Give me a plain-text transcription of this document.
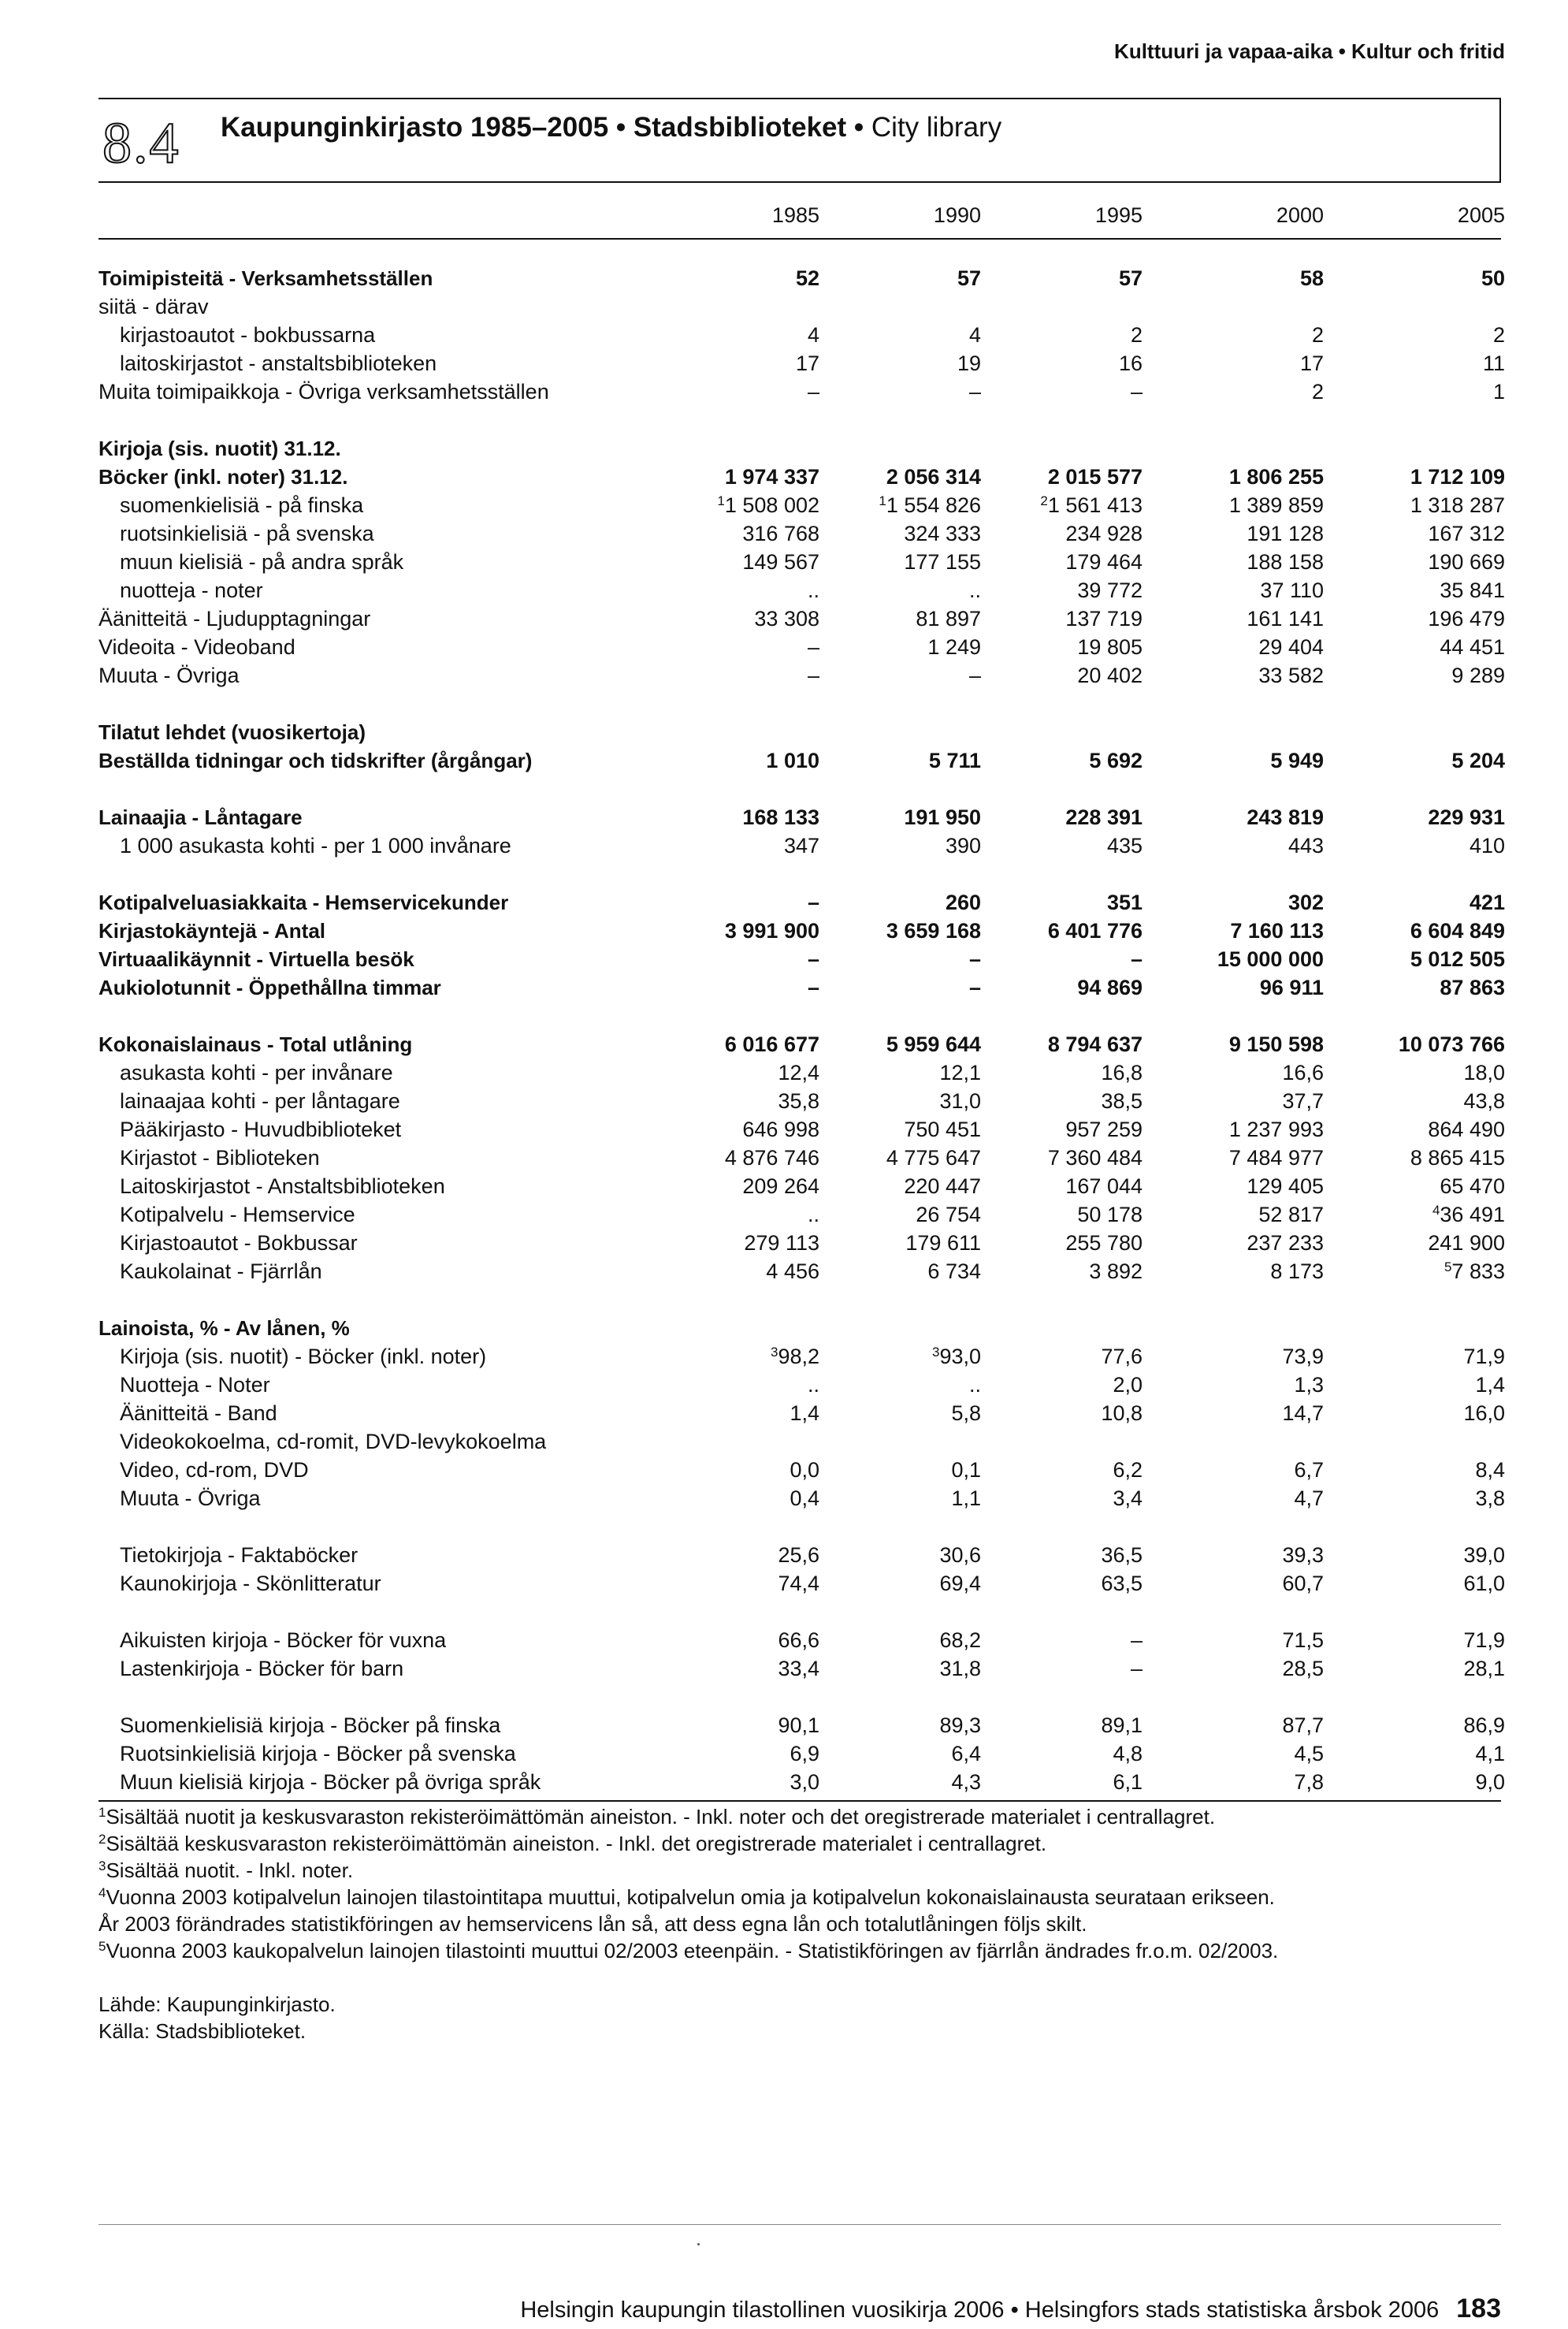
Kulttuuri ja vapaa-aika • Kultur och fritid
8.4	Kaupunginkirjasto 1985–2005 • Stadsbiblioteket • City library
1985	1990	1995	2000	2005
Toimipisteitä - Verksamhetsställen	52	57	57	58	50
siitä - därav
kirjastoautot - bokbussarna	4	4	2	2	2
laitoskirjastot - anstaltsbiblioteken	17	19	16	17	11
Muita toimipaikkoja - Övriga verksamhetsställen	–	–	–	2	1
Kirjoja (sis. nuotit) 31.12.
Böcker (inkl. noter) 31.12.	1 974 337	2 056 314	2 015 577	1 806 255	1 712 109
suomenkielisiä - på finska	$^1$1 508 002	$^1$1 554 826	$^2$1 561 413	1 389 859	1 318 287
ruotsinkielisiä - på svenska	316 768	324 333	234 928	191 128	167 312
muun kielisiä - på andra språk	149 567	177 155	179 464	188 158	190 669
nuotteja - noter	..	..	39 772	37 110	35 841
Äänitteitä - Ljudupptagningar	33 308	81 897	137 719	161 141	196 479
Videoita - Videoband	–	1 249	19 805	29 404	44 451
Muuta - Övriga	–	–	20 402	33 582	9 289
Tilatut lehdet (vuosikertoja)
Beställda tidningar och tidskrifter (årgångar)	1 010	5 711	5 692	5 949	5 204
Lainaajia - Låntagare	168 133	191 950	228 391	243 819	229 931
1 000 asukasta kohti - per 1 000 invånare	347	390	435	443	410
Kotipalveluasiakkaita - Hemservicekunder	–	260	351	302	421
Kirjastokäyntejä - Antal	3 991 900	3 659 168	6 401 776	7 160 113	6 604 849
Virtuaalikäynnit - Virtuella besök	–	–	–	15 000 000	5 012 505
Aukiolotunnit - Öppethållna timmar	–	–	94 869	96 911	87 863
Kokonaislainaus - Total utlåning	6 016 677	5 959 644	8 794 637	9 150 598	10 073 766
asukasta kohti - per invånare	12,4	12,1	16,8	16,6	18,0
lainaajaa kohti - per låntagare	35,8	31,0	38,5	37,7	43,8
Pääkirjasto - Huvudbiblioteket	646 998	750 451	957 259	1 237 993	864 490
Kirjastot - Biblioteken	4 876 746	4 775 647	7 360 484	7 484 977	8 865 415
Laitoskirjastot - Anstaltsbiblioteken	209 264	220 447	167 044	129 405	65 470
Kotipalvelu - Hemservice	..	26 754	50 178	52 817	$^4$36 491
Kirjastoautot - Bokbussar	279 113	179 611	255 780	237 233	241 900
Kaukolainat - Fjärrlån	4 456	6 734	3 892	8 173	$^5$7 833
Lainoista, % - Av lånen, %
Kirjoja (sis. nuotit) - Böcker (inkl. noter)	$^3$98,2	$^3$93,0	77,6	73,9	71,9
Nuotteja - Noter	..	..	2,0	1,3	1,4
Äänitteitä - Band	1,4	5,8	10,8	14,7	16,0
Videokokoelma, cd-romit, DVD-levykokoelma
Video, cd-rom, DVD	0,0	0,1	6,2	6,7	8,4
Muuta - Övriga	0,4	1,1	3,4	4,7	3,8
Tietokirjoja - Faktaböcker	25,6	30,6	36,5	39,3	39,0
Kaunokirjoja - Skönlitteratur	74,4	69,4	63,5	60,7	61,0
Aikuisten kirjoja - Böcker för vuxna	66,6	68,2	–	71,5	71,9
Lastenkirjoja - Böcker för barn	33,4	31,8	–	28,5	28,1
Suomenkielisiä kirjoja - Böcker på finska	90,1	89,3	89,1	87,7	86,9
Ruotsinkielisiä kirjoja - Böcker på svenska	6,9	6,4	4,8	4,5	4,1
Muun kielisiä kirjoja - Böcker på övriga språk	3,0	4,3	6,1	7,8	9,0
$^1$Sisältää nuotit ja keskusvaraston rekisteröimättömän aineiston. - Inkl. noter och det oregistrerade materialet i centrallagret.
$^2$Sisältää keskusvaraston rekisteröimättömän aineiston. - Inkl. det oregistrerade materialet i centrallagret.
$^3$Sisältää nuotit. - Inkl. noter.
$^4$Vuonna 2003 kotipalvelun lainojen tilastointitapa muuttui, kotipalvelun omia ja kotipalvelun kokonaislainausta seurataan erikseen.
År 2003 förändrades statistikföringen av hemservicens lån så, att dess egna lån och totalutlåningen följs skilt.
$^5$Vuonna 2003 kaukopalvelun lainojen tilastointi muuttui 02/2003 eteenpäin. - Statistikföringen av fjärrlån ändrades fr.o.m. 02/2003.
Lähde: Kaupunginkirjasto.
Källa: Stadsbiblioteket.
Helsingin kaupungin tilastollinen vuosikirja 2006 • Helsingfors stads statistiska årsbok 2006 183
